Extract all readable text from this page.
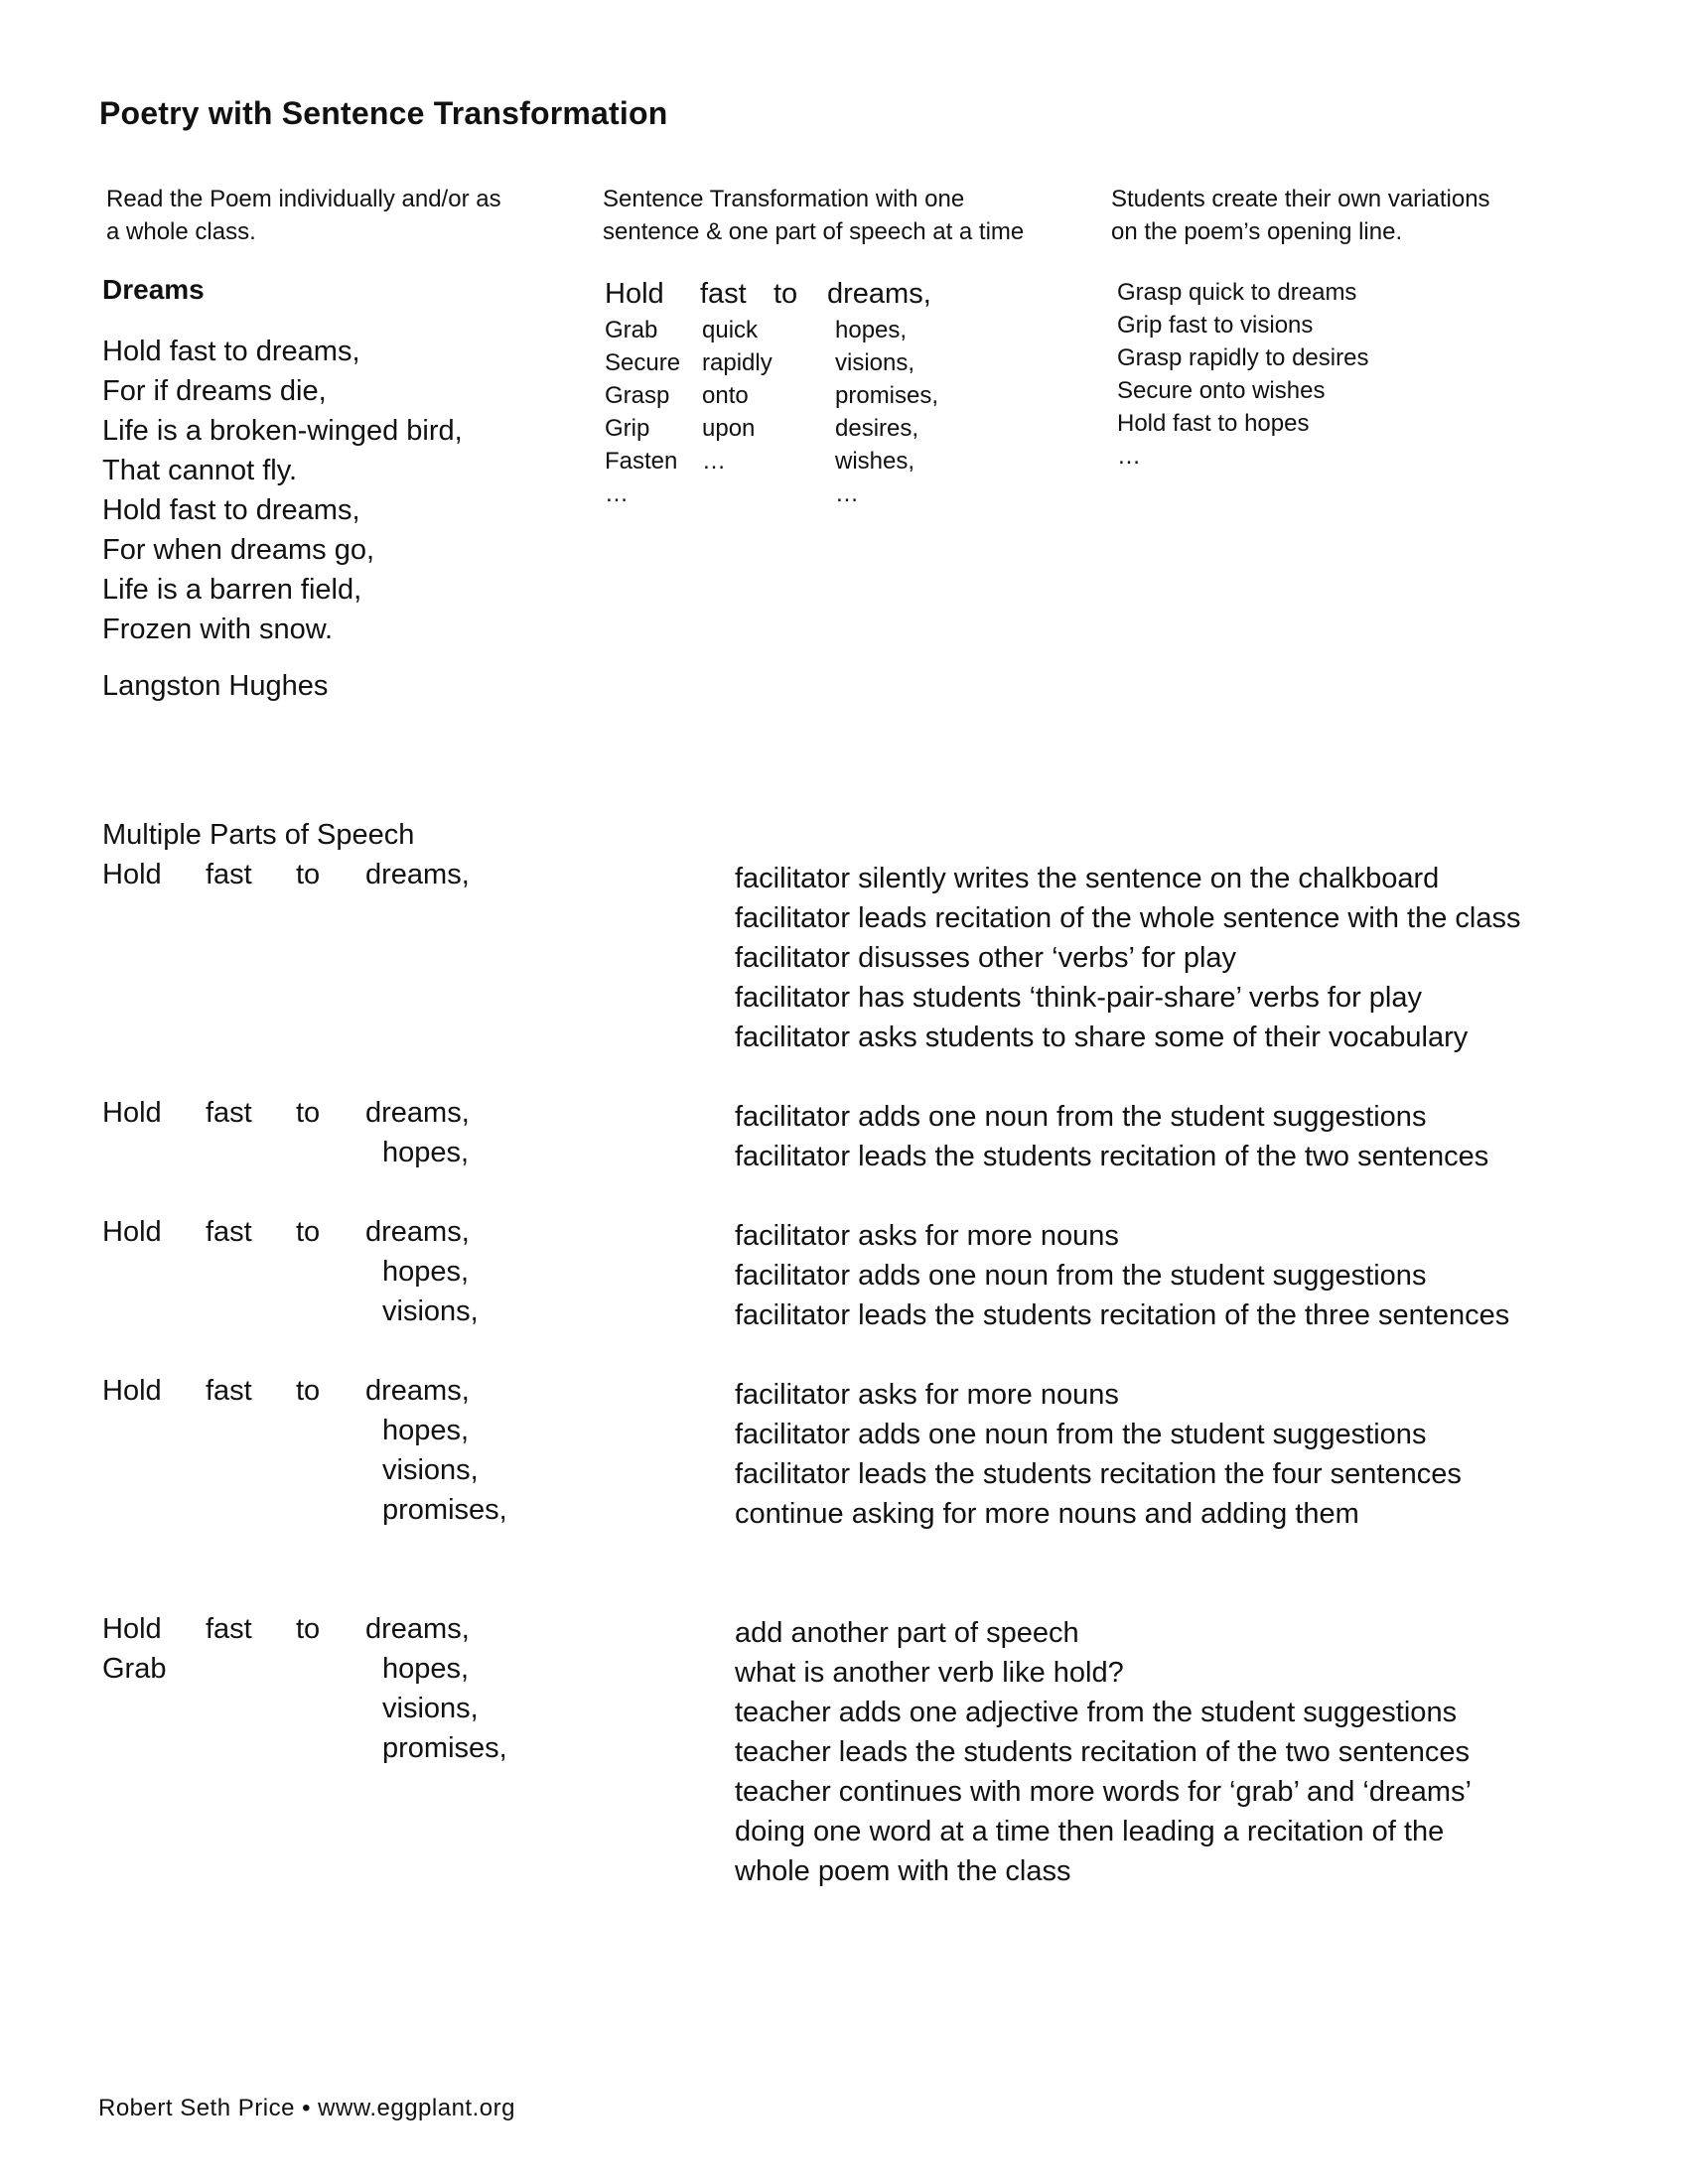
Poetry with Sentence Transformation
Read the Poem individually and/or as
a whole class.
Sentence Transformation with one
sentence & one part of speech at a time
Students create their own variations
on the poem’s opening line.
Dreams
Hold fast to dreams,
For if dreams die,
Life is a broken-winged bird,
That cannot fly.
Hold fast to dreams,
For when dreams go,
Life is a barren field,
Frozen with snow.
Langston Hughes
Hold fast to dreams,
Grab
Secure
Grasp
Grip
Fasten
…
quick
rapidly
onto
upon
…
hopes,
visions,
promises,
desires,
wishes,
…
Grasp quick to dreams
Grip fast to visions
Grasp rapidly to desires
Secure onto wishes
Hold fast to hopes
…
Multiple Parts of Speech
Hold fast to dreams,	facilitator silently writes the sentence on the chalkboard
facilitator leads recitation of the whole sentence with the class
facilitator disusses other ‘verbs’ for play
facilitator has students ‘think-pair-share’ verbs for play
facilitator asks students to share some of their vocabulary
Hold fast to dreams,
hopes,
facilitator adds one noun from the student suggestions
facilitator leads the students recitation of the two sentences
Hold fast to dreams,
hopes,
visions,
facilitator asks for more nouns
facilitator adds one noun from the student suggestions
facilitator leads the students recitation of the three sentences
Hold fast to dreams,
hopes,
visions,
promises,
facilitator asks for more nouns
facilitator adds one noun from the student suggestions
facilitator leads the students recitation the four sentences
continue asking for more nouns and adding them
Hold fast to dreams,
Grab	hopes,
visions,
promises,
add another part of speech
what is another verb like hold?
teacher adds one adjective from the student suggestions
teacher leads the students recitation of the two sentences
teacher continues with more words for ‘grab’ and ‘dreams’
doing one word at a time then leading a recitation of the
whole poem with the class
Robert Seth Price • www.eggplant.org
